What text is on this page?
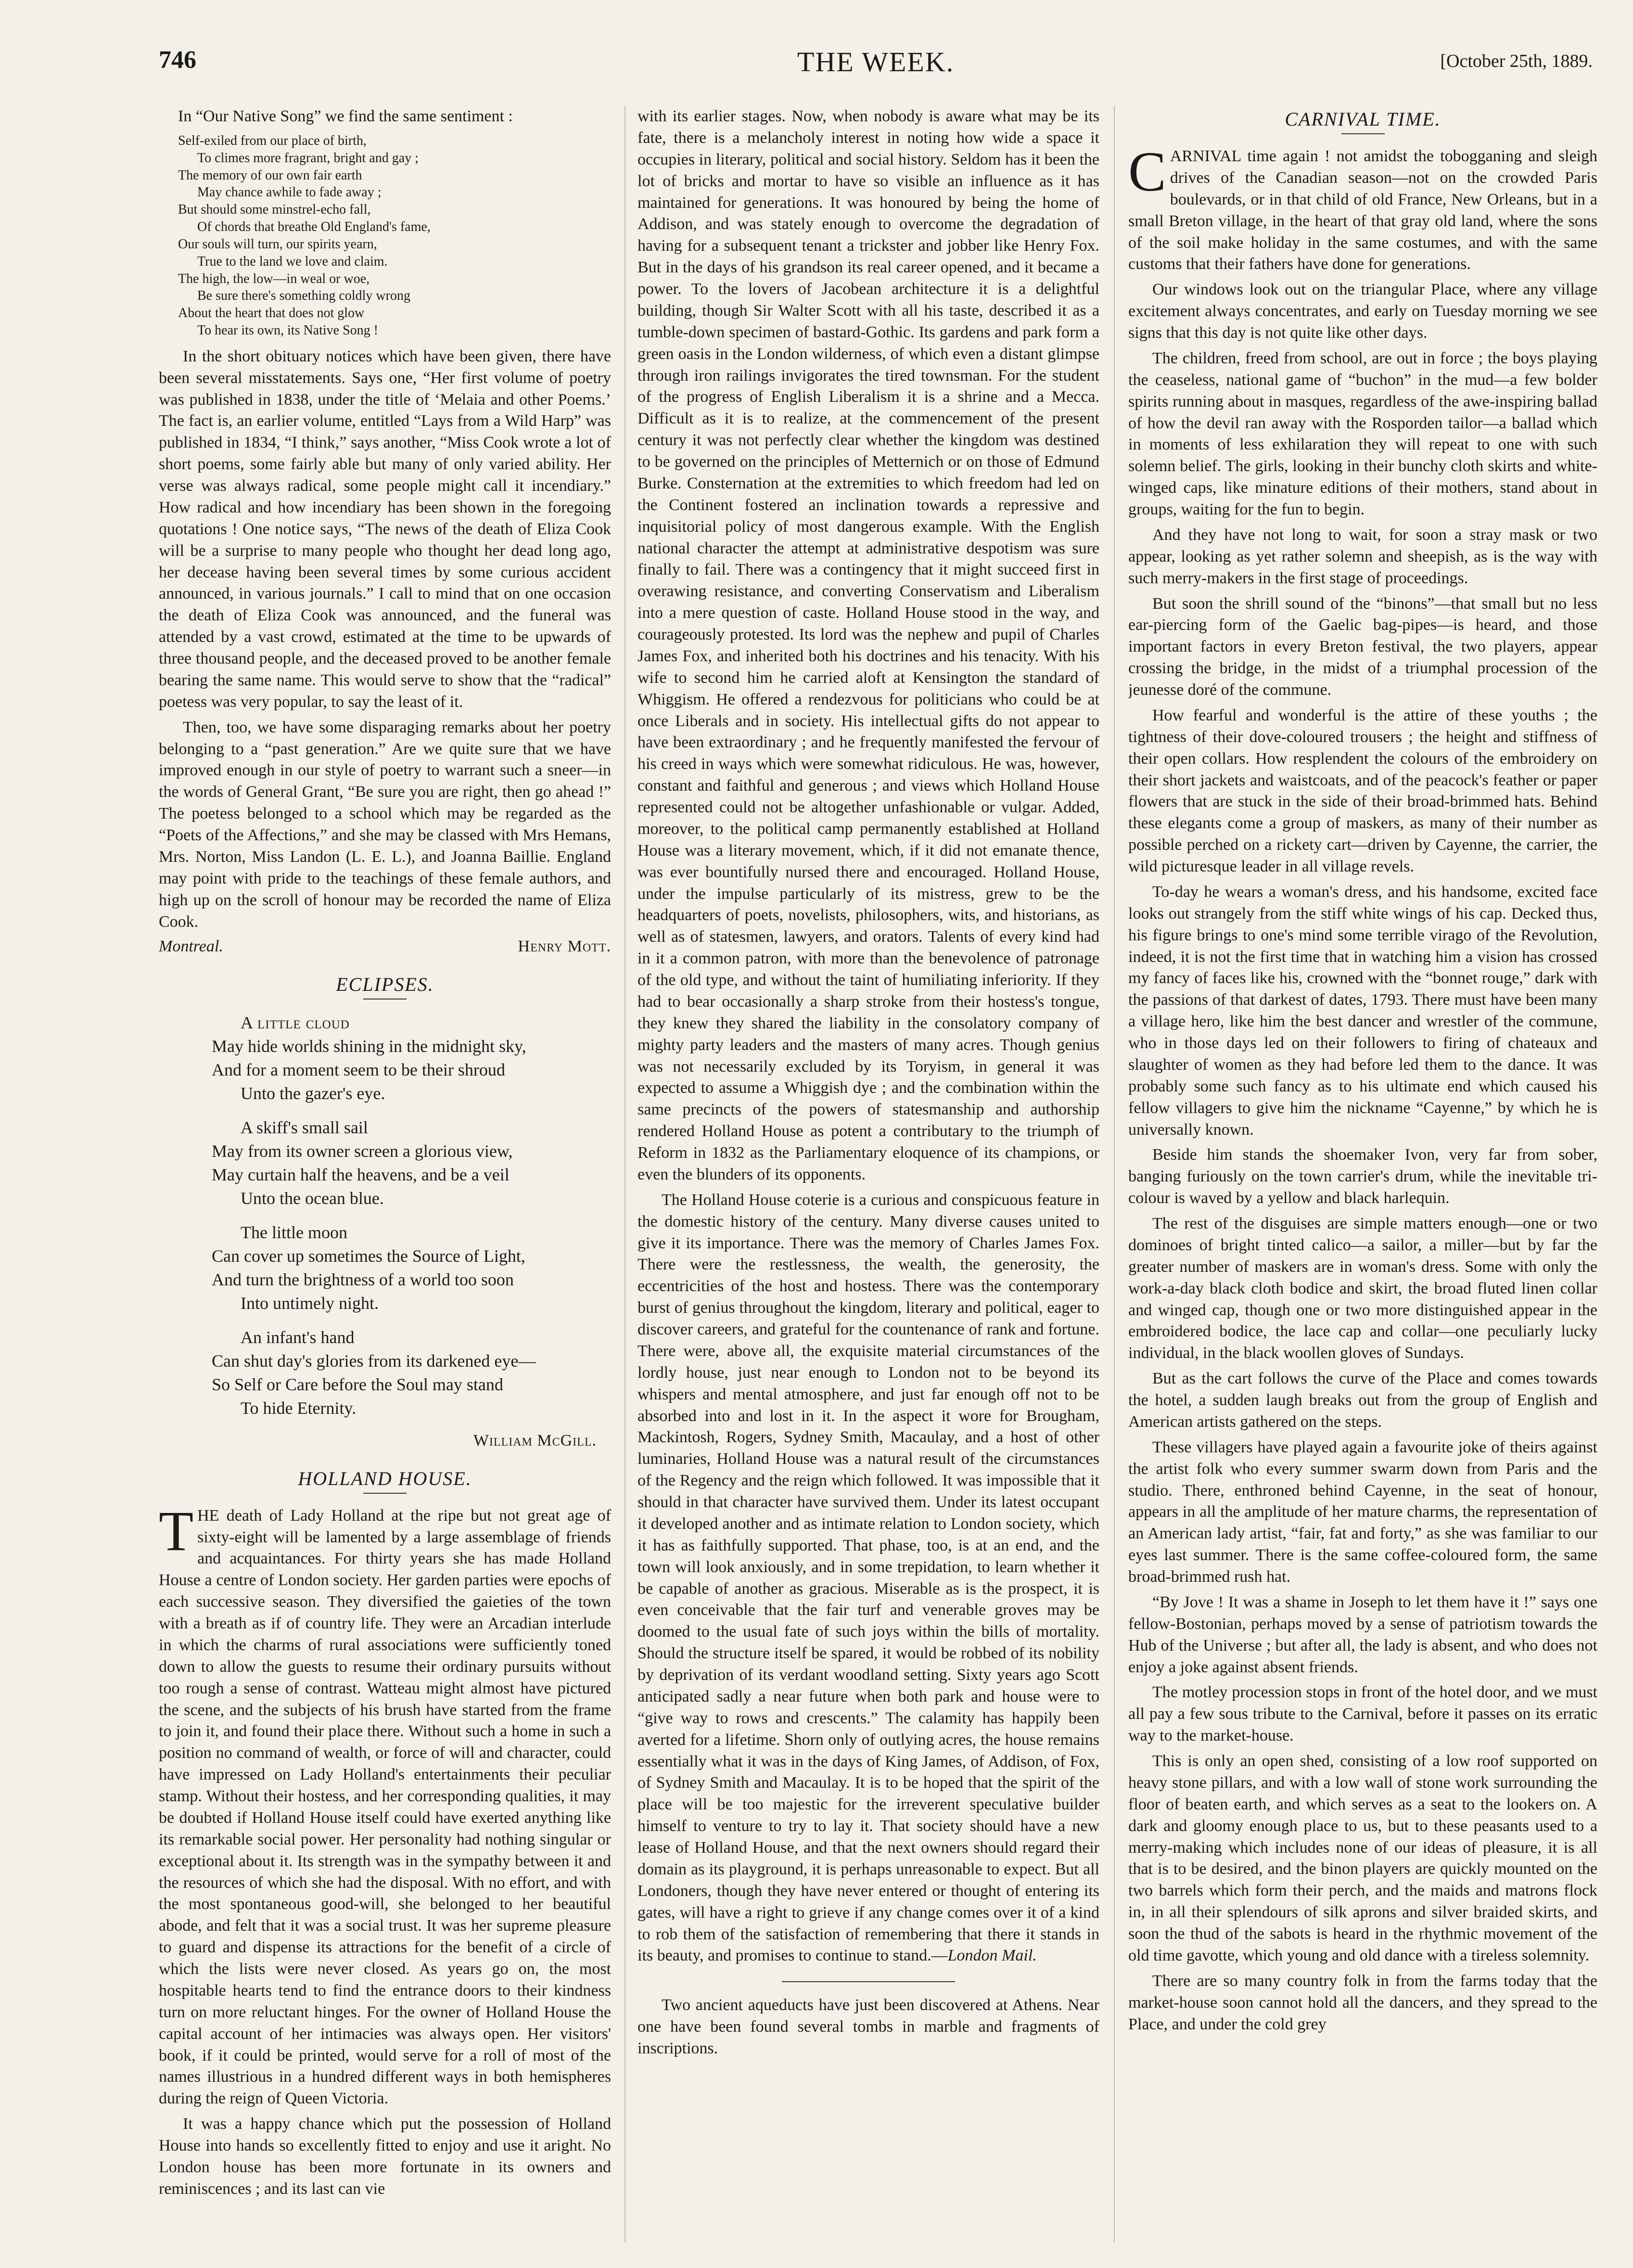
746	THE WEEK.	[October 25th, 1889.

In “Our Native Song” we find the same sentiment :

Self-exiled from our place of birth,
To climes more fragrant, bright and gay ;
The memory of our own fair earth
May chance awhile to fade away ;
But should some minstrel-echo fall,
Of chords that breathe Old England's fame,
Our souls will turn, our spirits yearn,
True to the land we love and claim.
The high, the low—in weal or woe,
Be sure there's something coldly wrong
About the heart that does not glow
To hear its own, its Native Song !

In the short obituary notices which have been given, there have been several misstatements. Says one, “Her first volume of poetry was published in 1838, under the title of ‘Melaia and other Poems.’ The fact is, an earlier volume, entitled “Lays from a Wild Harp” was published in 1834, “I think,” says another, “Miss Cook wrote a lot of short poems, some fairly able but many of only varied ability. Her verse was always radical, some people might call it incendiary.” How radical and how incendiary has been shown in the foregoing quotations ! One notice says, “The news of the death of Eliza Cook will be a surprise to many people who thought her dead long ago, her decease having been several times by some curious accident announced, in various journals.” I call to mind that on one occasion the death of Eliza Cook was announced, and the funeral was attended by a vast crowd, estimated at the time to be upwards of three thousand people, and the deceased proved to be another female bearing the same name. This would serve to show that the “radical” poetess was very popular, to say the least of it.

Then, too, we have some disparaging remarks about her poetry belonging to a “past generation.” Are we quite sure that we have improved enough in our style of poetry to warrant such a sneer—in the words of General Grant, “Be sure you are right, then go ahead !” The poetess belonged to a school which may be regarded as the “Poets of the Affections,” and she may be classed with Mrs Hemans, Mrs. Norton, Miss Landon (L. E. L.), and Joanna Baillie. England may point with pride to the teachings of these female authors, and high up on the scroll of honour may be recorded the name of Eliza Cook.

Montreal.	Henry Mott.
ECLIPSES.
A little cloud
May hide worlds shining in the midnight sky,
And for a moment seem to be their shroud
Unto the gazer's eye.
A skiff's small sail
May from its owner screen a glorious view,
May curtain half the heavens, and be a veil
Unto the ocean blue.
The little moon
Can cover up sometimes the Source of Light,
And turn the brightness of a world too soon
Into untimely night.
An infant's hand
Can shut day's glories from its darkened eye—
So Self or Care before the Soul may stand
To hide Eternity.
William McGill.
HOLLAND HOUSE.

THE death of Lady Holland at the ripe but not great age of sixty-eight will be lamented by a large assemblage of friends and acquaintances. For thirty years she has made Holland House a centre of London society. Her garden parties were epochs of each successive season. They diversified the gaieties of the town with a breath as if of country life. They were an Arcadian interlude in which the charms of rural associations were sufficiently toned down to allow the guests to resume their ordinary pursuits without too rough a sense of contrast. Watteau might almost have pictured the scene, and the subjects of his brush have started from the frame to join it, and found their place there. Without such a home in such a position no command of wealth, or force of will and character, could have impressed on Lady Holland's entertainments their peculiar stamp. Without their hostess, and her corresponding qualities, it may be doubted if Holland House itself could have exerted anything like its remarkable social power. Her personality had nothing singular or exceptional about it. Its strength was in the sympathy between it and the resources of which she had the disposal. With no effort, and with the most spontaneous good-will, she belonged to her beautiful abode, and felt that it was a social trust. It was her supreme pleasure to guard and dispense its attractions for the benefit of a circle of which the lists were never closed. As years go on, the most hospitable hearts tend to find the entrance doors to their kindness turn on more reluctant hinges. For the owner of Holland House the capital account of her intimacies was always open. Her visitors' book, if it could be printed, would serve for a roll of most of the names illustrious in a hundred different ways in both hemispheres during the reign of Queen Victoria.

It was a happy chance which put the possession of Holland House into hands so excellently fitted to enjoy and use it aright. No London house has been more fortunate in its owners and reminiscences ; and its last can vie

with its earlier stages. Now, when nobody is aware what may be its fate, there is a melancholy interest in noting how wide a space it occupies in literary, political and social history. Seldom has it been the lot of bricks and mortar to have so visible an influence as it has maintained for generations. It was honoured by being the home of Addison, and was stately enough to overcome the degradation of having for a subsequent tenant a trickster and jobber like Henry Fox. But in the days of his grandson its real career opened, and it became a power. To the lovers of Jacobean architecture it is a delightful building, though Sir Walter Scott with all his taste, described it as a tumble-down specimen of bastard-Gothic. Its gardens and park form a green oasis in the London wilderness, of which even a distant glimpse through iron railings invigorates the tired townsman. For the student of the progress of English Liberalism it is a shrine and a Mecca. Difficult as it is to realize, at the commencement of the present century it was not perfectly clear whether the kingdom was destined to be governed on the principles of Metternich or on those of Edmund Burke. Consternation at the extremities to which freedom had led on the Continent fostered an inclination towards a repressive and inquisitorial policy of most dangerous example. With the English national character the attempt at administrative despotism was sure finally to fail. There was a contingency that it might succeed first in overawing resistance, and converting Conservatism and Liberalism into a mere question of caste. Holland House stood in the way, and courageously protested. Its lord was the nephew and pupil of Charles James Fox, and inherited both his doctrines and his tenacity. With his wife to second him he carried aloft at Kensington the standard of Whiggism. He offered a rendezvous for politicians who could be at once Liberals and in society. His intellectual gifts do not appear to have been extraordinary ; and he frequently manifested the fervour of his creed in ways which were somewhat ridiculous. He was, however, constant and faithful and generous ; and views which Holland House represented could not be altogether unfashionable or vulgar. Added, moreover, to the political camp permanently established at Holland House was a literary movement, which, if it did not emanate thence, was ever bountifully nursed there and encouraged. Holland House, under the impulse particularly of its mistress, grew to be the headquarters of poets, novelists, philosophers, wits, and historians, as well as of statesmen, lawyers, and orators. Talents of every kind had in it a common patron, with more than the benevolence of patronage of the old type, and without the taint of humiliating inferiority. If they had to bear occasionally a sharp stroke from their hostess's tongue, they knew they shared the liability in the consolatory company of mighty party leaders and the masters of many acres. Though genius was not necessarily excluded by its Toryism, in general it was expected to assume a Whiggish dye ; and the combination within the same precincts of the powers of statesmanship and authorship rendered Holland House as potent a contributary to the triumph of Reform in 1832 as the Parliamentary eloquence of its champions, or even the blunders of its opponents.

The Holland House coterie is a curious and conspicuous feature in the domestic history of the century. Many diverse causes united to give it its importance. There was the memory of Charles James Fox. There were the restlessness, the wealth, the generosity, the eccentricities of the host and hostess. There was the contemporary burst of genius throughout the kingdom, literary and political, eager to discover careers, and grateful for the countenance of rank and fortune. There were, above all, the exquisite material circumstances of the lordly house, just near enough to London not to be beyond its whispers and mental atmosphere, and just far enough off not to be absorbed into and lost in it. In the aspect it wore for Brougham, Mackintosh, Rogers, Sydney Smith, Macaulay, and a host of other luminaries, Holland House was a natural result of the circumstances of the Regency and the reign which followed. It was impossible that it should in that character have survived them. Under its latest occupant it developed another and as intimate relation to London society, which it has as faithfully supported. That phase, too, is at an end, and the town will look anxiously, and in some trepidation, to learn whether it be capable of another as gracious. Miserable as is the prospect, it is even conceivable that the fair turf and venerable groves may be doomed to the usual fate of such joys within the bills of mortality. Should the structure itself be spared, it would be robbed of its nobility by deprivation of its verdant woodland setting. Sixty years ago Scott anticipated sadly a near future when both park and house were to “give way to rows and crescents.” The calamity has happily been averted for a lifetime. Shorn only of outlying acres, the house remains essentially what it was in the days of King James, of Addison, of Fox, of Sydney Smith and Macaulay. It is to be hoped that the spirit of the place will be too majestic for the irreverent speculative builder himself to venture to try to lay it. That society should have a new lease of Holland House, and that the next owners should regard their domain as its playground, it is perhaps unreasonable to expect. But all Londoners, though they have never entered or thought of entering its gates, will have a right to grieve if any change comes over it of a kind to rob them of the satisfaction of remembering that there it stands in its beauty, and promises to continue to stand.—London Mail.

Two ancient aqueducts have just been discovered at Athens. Near one have been found several tombs in marble and fragments of inscriptions.

CARNIVAL TIME.

CARNIVAL time again ! not amidst the tobogganing and sleigh drives of the Canadian season—not on the crowded Paris boulevards, or in that child of old France, New Orleans, but in a small Breton village, in the heart of that gray old land, where the sons of the soil make holiday in the same costumes, and with the same customs that their fathers have done for generations.

Our windows look out on the triangular Place, where any village excitement always concentrates, and early on Tuesday morning we see signs that this day is not quite like other days.

The children, freed from school, are out in force ; the boys playing the ceaseless, national game of “buchon” in the mud—a few bolder spirits running about in masques, regardless of the awe-inspiring ballad of how the devil ran away with the Rosporden tailor—a ballad which in moments of less exhilaration they will repeat to one with such solemn belief. The girls, looking in their bunchy cloth skirts and white-winged caps, like minature editions of their mothers, stand about in groups, waiting for the fun to begin.

And they have not long to wait, for soon a stray mask or two appear, looking as yet rather solemn and sheepish, as is the way with such merry-makers in the first stage of proceedings.

But soon the shrill sound of the “binons”—that small but no less ear-piercing form of the Gaelic bag-pipes—is heard, and those important factors in every Breton festival, the two players, appear crossing the bridge, in the midst of a triumphal procession of the jeunesse doré of the commune.

How fearful and wonderful is the attire of these youths ; the tightness of their dove-coloured trousers ; the height and stiffness of their open collars. How resplendent the colours of the embroidery on their short jackets and waistcoats, and of the peacock's feather or paper flowers that are stuck in the side of their broad-brimmed hats. Behind these elegants come a group of maskers, as many of their number as possible perched on a rickety cart—driven by Cayenne, the carrier, the wild picturesque leader in all village revels.

To-day he wears a woman's dress, and his handsome, excited face looks out strangely from the stiff white wings of his cap. Decked thus, his figure brings to one's mind some terrible virago of the Revolution, indeed, it is not the first time that in watching him a vision has crossed my fancy of faces like his, crowned with the “bonnet rouge,” dark with the passions of that darkest of dates, 1793. There must have been many a village hero, like him the best dancer and wrestler of the commune, who in those days led on their followers to firing of chateaux and slaughter of women as they had before led them to the dance. It was probably some such fancy as to his ultimate end which caused his fellow villagers to give him the nickname “Cayenne,” by which he is universally known.

Beside him stands the shoemaker Ivon, very far from sober, banging furiously on the town carrier's drum, while the inevitable tri-colour is waved by a yellow and black harlequin.

The rest of the disguises are simple matters enough—one or two dominoes of bright tinted calico—a sailor, a miller—but by far the greater number of maskers are in woman's dress. Some with only the work-a-day black cloth bodice and skirt, the broad fluted linen collar and winged cap, though one or two more distinguished appear in the embroidered bodice, the lace cap and collar—one peculiarly lucky individual, in the black woollen gloves of Sundays.

But as the cart follows the curve of the Place and comes towards the hotel, a sudden laugh breaks out from the group of English and American artists gathered on the steps.

These villagers have played again a favourite joke of theirs against the artist folk who every summer swarm down from Paris and the studio. There, enthroned behind Cayenne, in the seat of honour, appears in all the amplitude of her mature charms, the representation of an American lady artist, “fair, fat and forty,” as she was familiar to our eyes last summer. There is the same coffee-coloured form, the same broad-brimmed rush hat.

“By Jove ! It was a shame in Joseph to let them have it !” says one fellow-Bostonian, perhaps moved by a sense of patriotism towards the Hub of the Universe ; but after all, the lady is absent, and who does not enjoy a joke against absent friends.

The motley procession stops in front of the hotel door, and we must all pay a few sous tribute to the Carnival, before it passes on its erratic way to the market-house.

This is only an open shed, consisting of a low roof supported on heavy stone pillars, and with a low wall of stone work surrounding the floor of beaten earth, and which serves as a seat to the lookers on. A dark and gloomy enough place to us, but to these peasants used to a merry-making which includes none of our ideas of pleasure, it is all that is to be desired, and the binon players are quickly mounted on the two barrels which form their perch, and the maids and matrons flock in, in all their splendours of silk aprons and silver braided skirts, and soon the thud of the sabots is heard in the rhythmic movement of the old time gavotte, which young and old dance with a tireless solemnity.

There are so many country folk in from the farms today that the market-house soon cannot hold all the dancers, and they spread to the Place, and under the cold grey
